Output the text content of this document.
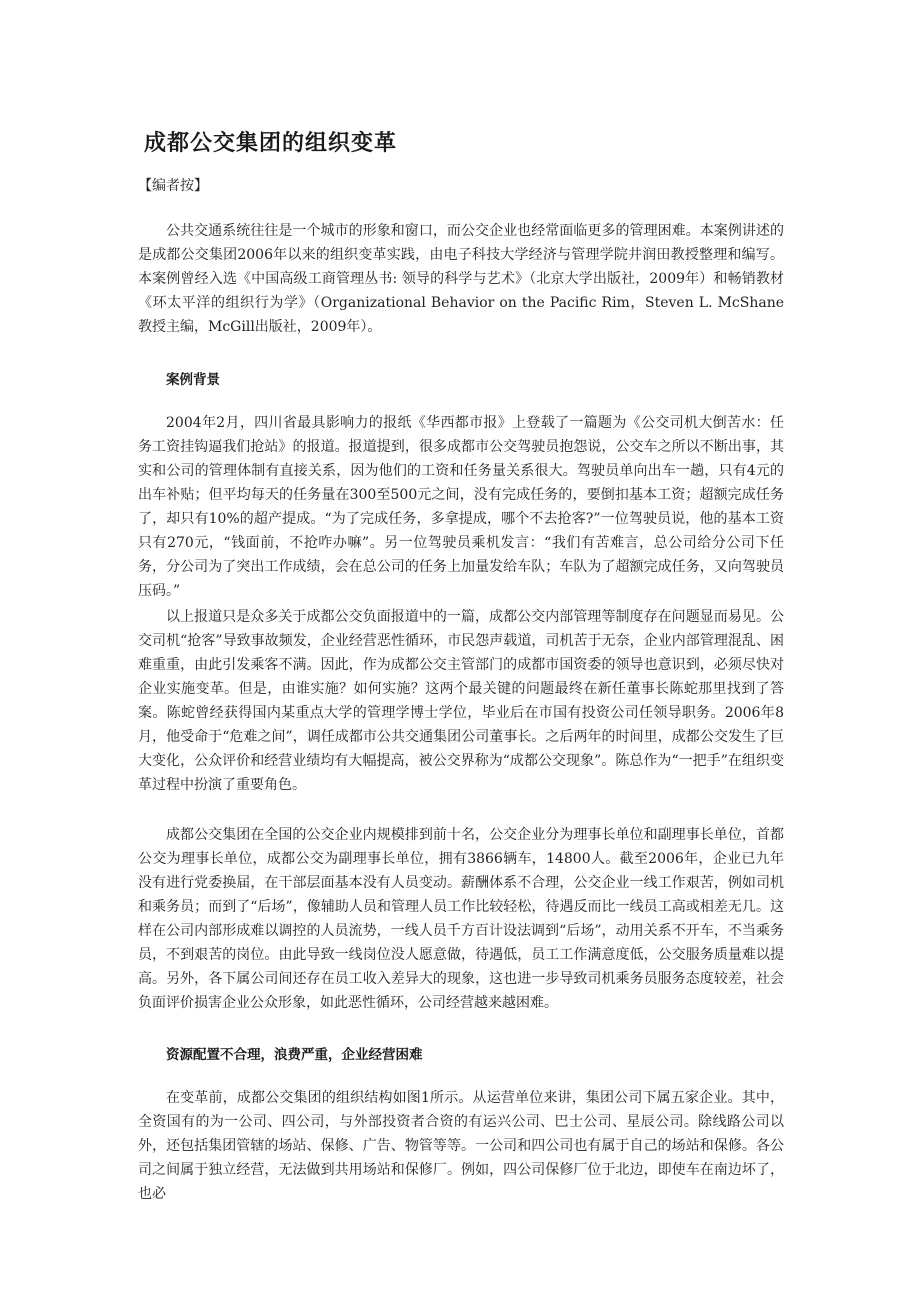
成都公交集团的组织变革

【编者按】

公共交通系统往往是一个城市的形象和窗口，而公交企业也经常面临更多的管理困难。本案例讲述的是成都公交集团2006年以来的组织变革实践，由电子科技大学经济与管理学院井润田教授整理和编写。本案例曾经入选《中国高级工商管理丛书: 领导的科学与艺术》（北京大学出版社，2009年）和畅销教材《环太平洋的组织行为学》（Organizational Behavior on the Pacific Rim，Steven L. McShane教授主编，McGill出版社，2009年）。

案例背景

2004年2月，四川省最具影响力的报纸《华西都市报》上登载了一篇题为《公交司机大倒苦水：任务工资挂钩逼我们抢站》的报道。报道提到，很多成都市公交驾驶员抱怨说，公交车之所以不断出事，其实和公司的管理体制有直接关系，因为他们的工资和任务量关系很大。驾驶员单向出车一趟，只有4元的出车补贴；但平均每天的任务量在300至500元之间，没有完成任务的，要倒扣基本工资；超额完成任务了，却只有10%的超产提成。“为了完成任务，多拿提成，哪个不去抢客?”一位驾驶员说，他的基本工资只有270元，“钱面前，不抢咋办嘛”。另一位驾驶员乘机发言：“我们有苦难言，总公司给分公司下任务，分公司为了突出工作成绩，会在总公司的任务上加量发给车队；车队为了超额完成任务，又向驾驶员压码。”

以上报道只是众多关于成都公交负面报道中的一篇，成都公交内部管理等制度存在问题显而易见。公交司机“抢客”导致事故频发，企业经营恶性循环，市民怨声载道，司机苦于无奈，企业内部管理混乱、困难重重，由此引发乘客不满。因此，作为成都公交主管部门的成都市国资委的领导也意识到，必须尽快对企业实施变革。但是，由谁实施？如何实施？这两个最关键的问题最终在新任董事长陈蛇那里找到了答案。陈蛇曾经获得国内某重点大学的管理学博士学位，毕业后在市国有投资公司任领导职务。2006年8月，他受命于“危难之间”，调任成都市公共交通集团公司董事长。之后两年的时间里，成都公交发生了巨大变化，公众评价和经营业绩均有大幅提高，被公交界称为“成都公交现象”。陈总作为“一把手”在组织变革过程中扮演了重要角色。

成都公交集团在全国的公交企业内规模排到前十名，公交企业分为理事长单位和副理事长单位，首都公交为理事长单位，成都公交为副理事长单位，拥有3866辆车，14800人。截至2006年，企业已九年没有进行党委换届，在干部层面基本没有人员变动。薪酬体系不合理，公交企业一线工作艰苦，例如司机和乘务员；而到了“后场”，像辅助人员和管理人员工作比较轻松，待遇反而比一线员工高或相差无几。这样在公司内部形成难以调控的人员流势，一线人员千方百计设法调到“后场”，动用关系不开车，不当乘务员，不到艰苦的岗位。由此导致一线岗位没人愿意做，待遇低，员工工作满意度低，公交服务质量难以提高。另外，各下属公司间还存在员工收入差异大的现象，这也进一步导致司机乘务员服务态度较差，社会负面评价损害企业公众形象，如此恶性循环，公司经营越来越困难。

资源配置不合理，浪费严重，企业经营困难

在变革前，成都公交集团的组织结构如图1所示。从运营单位来讲，集团公司下属五家企业。其中，全资国有的为一公司、四公司，与外部投资者合资的有运兴公司、巴士公司、星辰公司。除线路公司以外，还包括集团管辖的场站、保修、广告、物管等等。一公司和四公司也有属于自己的场站和保修。各公司之间属于独立经营，无法做到共用场站和保修厂。例如，四公司保修厂位于北边，即使车在南边坏了，也必
